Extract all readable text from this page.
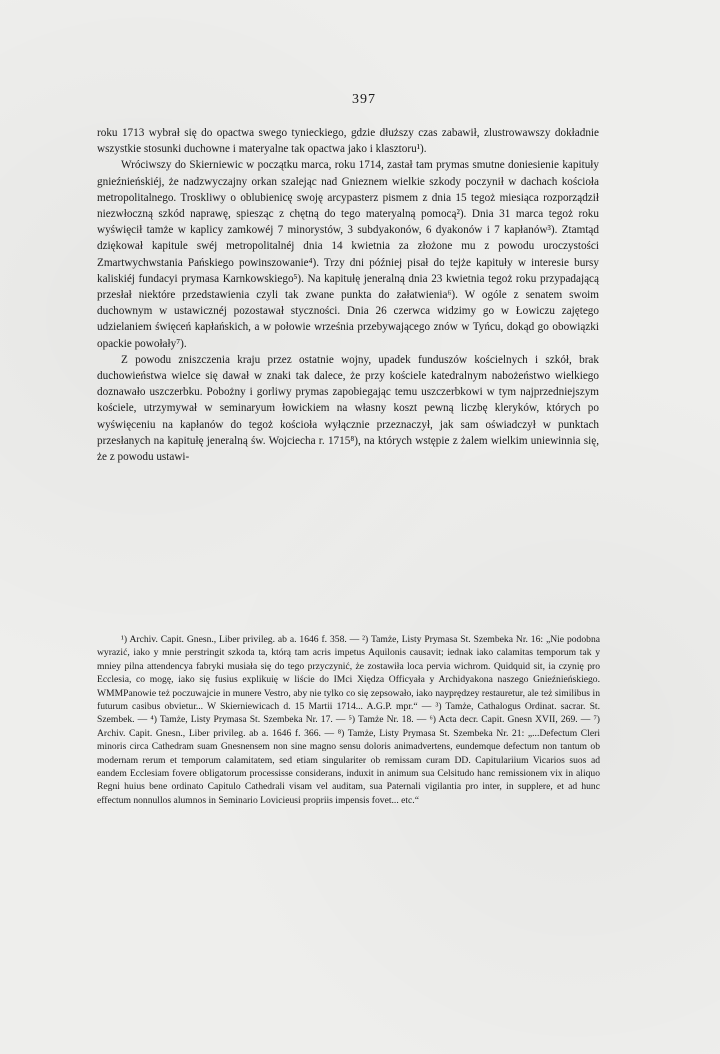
397

roku 1713 wybrał się do opactwa swego tynieckiego, gdzie dłuższy czas zabawił, zlustrowawszy dokładnie wszystkie stosunki duchowne i materyalne tak opactwa jako i klasztoru¹).

Wróciwszy do Skierniewic w początku marca, roku 1714, zastał tam prymas smutne doniesienie kapituły gnieźnieńskiéj, że nadzwyczajny orkan szalejąc nad Gnieznem wielkie szkody poczynił w dachach kościoła metropolitalnego. Troskliwy o oblubienicę swoję arcypasterz pismem z dnia 15 tegoż miesiąca rozporządził niezwłoczną szkód naprawę, spiesząc z chętną do tego materyalną pomocą²). Dnia 31 marca tegoż roku wyświęcił tamże w kaplicy zamkowéj 7 minorystów, 3 subdyakonów, 6 dyakonów i 7 kapłanów³). Ztamtąd dziękował kapitule swéj metropolitalnéj dnia 14 kwietnia za złożone mu z powodu uroczystości Zmartwychwstania Pańskiego powinszowanie⁴). Trzy dni później pisał do tejże kapituły w interesie bursy kaliskiéj fundacyi prymasa Karnkowskiego⁵). Na kapitułę jeneralną dnia 23 kwietnia tegoż roku przypadającą przesłał niektóre przedstawienia czyli tak zwane punkta do załatwienia⁶). W ogóle z senatem swoim duchownym w ustawicznéj pozostawał styczności. Dnia 26 czerwca widzimy go w Łowiczu zajętego udzielaniem święceń kapłańskich, a w połowie września przebywającego znów w Tyńcu, dokąd go obowiązki opackie powołały⁷).

Z powodu zniszczenia kraju przez ostatnie wojny, upadek funduszów kościelnych i szkół, brak duchowieństwa wielce się dawał w znaki tak dalece, że przy kościele katedralnym nabożeństwo wielkiego doznawało uszczerbku. Pobożny i gorliwy prymas zapobiegając temu uszczerbkowi w tym najprzedniejszym kościele, utrzymywał w seminaryum łowickiem na własny koszt pewną liczbę kleryków, których po wyświęceniu na kapłanów do tegoż kościoła wyłącznie przeznaczył, jak sam oświadczył w punktach przesłanych na kapitułę jeneralną św. Wojciecha r. 1715⁸), na których wstępie z żalem wielkim uniewinnia się, że z powodu ustawi-

¹) Archiv. Capit. Gnesn., Liber privileg. ab a. 1646 f. 358. — ²) Tamże, Listy Prymasa St. Szembeka Nr. 16: „Nie podobna wyrazić, iako y mnie perstringit szkoda ta, którą tam acris impetus Aquilonis causavit; iednak iako calamitas temporum tak y mniey pilna attendencya fabryki musiała się do tego przyczynić, że zostawiła loca pervia wichrom. Quidquid sit, ia czynię pro Ecclesia, co mogę, iako się fusius explikuię w liście do IMci Xiędza Officyała y Archidyakona naszego Gnieźnieńskiego. WMMPanowie też poczuwajcie in munere Vestro, aby nie tylko co się zepsowało, iako nayprędzey restauretur, ale też similibus in futurum casibus obvietur... W Skierniewicach d. 15 Martii 1714... A.G.P. mpr.“ — ³) Tamże, Cathalogus Ordinat. sacrar. St. Szembek. — ⁴) Tamże, Listy Prymasa St. Szembeka Nr. 17. — ⁵) Tamże Nr. 18. — ⁶) Acta decr. Capit. Gnesn XVII, 269. — ⁷) Archiv. Capit. Gnesn., Liber privileg. ab a. 1646 f. 366. — ⁸) Tamże, Listy Prymasa St. Szembeka Nr. 21: „...Defectum Cleri minoris circa Cathedram suam Gnesnensem non sine magno sensu doloris animadvertens, eundemque defectum non tantum ob modernam rerum et temporum calamitatem, sed etiam singulariter ob remissam curam DD. Capitulariium Vicarios suos ad eandem Ecclesiam fovere obligatorum processisse considerans, induxit in animum sua Celsitudo hanc remissionem vix in aliquo Regni huius bene ordinato Capitulo Cathedrali visam vel auditam, sua Paternali vigilantia pro inter, in supplere, et ad hunc effectum nonnullos alumnos in Seminario Lovicieusi propriis impensis fovet... etc.“
